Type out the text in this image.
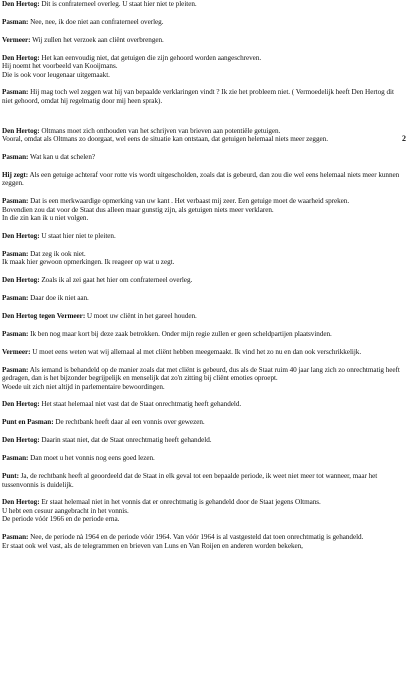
2
Den Hertog: Dit is confraterneel overleg. U staat hier niet te pleiten.
Pasman: Nee, nee, ik doe niet aan confraterneel overleg.
Vermeer: Wij zullen het verzoek aan cliënt overbrengen.
Den Hertog: Het kan eenvoudig niet, dat getuigen die zijn gehoord worden aangeschreven.
Hij noemt het voorbeeld van Kooijmans.
Die is ook voor leugenaar uitgemaakt.
Pasman: Hij mag toch wel zeggen wat hij van bepaalde verklaringen vindt ? Ik zie het probleem niet. ( Vermoedelijk heeft Den Hertog dit niet gehoord, omdat hij regelmatig door mij heen sprak).
Den Hertog: Oltmans moet zich onthouden van het schrijven van brieven aan potentiële getuigen.
Vooral, omdat als Oltmans zo doorgaat, wel eens de situatie kan ontstaan, dat getuigen helemaal niets meer zeggen.
Pasman: Wat kan u dat schelen?
Hij zegt: Als een getuige achteraf voor rotte vis wordt uitgescholden, zoals dat is gebeurd, dan zou die wel eens helemaal niets meer kunnen zeggen.
Pasman: Dat is een merkwaardige opmerking van uw kant . Het verbaast mij zeer. Een getuige moet de waarheid spreken.
Bovendien zou dat voor de Staat dus alleen maar gunstig zijn, als getuigen niets meer verklaren.
In die zin kan ik u niet volgen.
Den Hertog: U staat hier niet te pleiten.
Pasman: Dat zeg ik ook niet.
Ik maak hier gewoon opmerkingen. Ik reageer op wat u zegt.
Den Hertog: Zoals ik al zei gaat het hier om confraterneel overleg.
Pasman: Daar doe ik niet aan.
Den Hertog tegen Vermeer: U moet uw cliënt in het gareel houden.
Pasman: Ik ben nog maar kort bij deze zaak betrokken. Onder mijn regie zullen er geen scheldpartijen plaatsvinden.
Vermeer: U moet eens weten wat wij allemaal al met cliënt hebben meegemaakt. Ik vind het zo nu en dan ook verschrikkelijk.
Pasman: Als iemand is behandeld op de manier zoals dat met cliënt is gebeurd, dus als de Staat ruim 40 jaar lang zich zo onrechtmatig heeft gedragen, dan is het bijzonder begrijpelijk en menselijk dat zo'n zitting bij cliënt emoties oproept.
Woede uit zich niet altijd in parlementaire bewoordingen.
Den Hertog: Het staat helemaal niet vast dat de Staat onrechtmatig heeft gehandeld.
Punt en Pasman: De rechtbank heeft daar al een vonnis over gewezen.
Den Hertog: Daarin staat niet, dat de Staat onrechtmatig heeft gehandeld.
Pasman: Dan moet u het vonnis nog eens goed lezen.
Punt: Ja, de rechtbank heeft al geoordeeld dat de Staat in elk geval tot een bepaalde periode, ik weet niet meer tot wanneer, maar het tussenvonnis is duidelijk.
Den Hertog: Er staat helemaal niet in het vonnis dat er onrechtmatig is gehandeld door de Staat jegens Oltmans.
U hebt een cesuur aangebracht in het vonnis.
De periode vóór 1966 en de periode erna.
Pasman: Nee, de periode nà 1964 en de periode vóór 1964. Van vóór 1964 is al vastgesteld dat toen onrechtmatig is gehandeld.
Er staat ook wel vast, als de telegrammen en brieven van Luns en Van Roijen en anderen worden bekeken,
